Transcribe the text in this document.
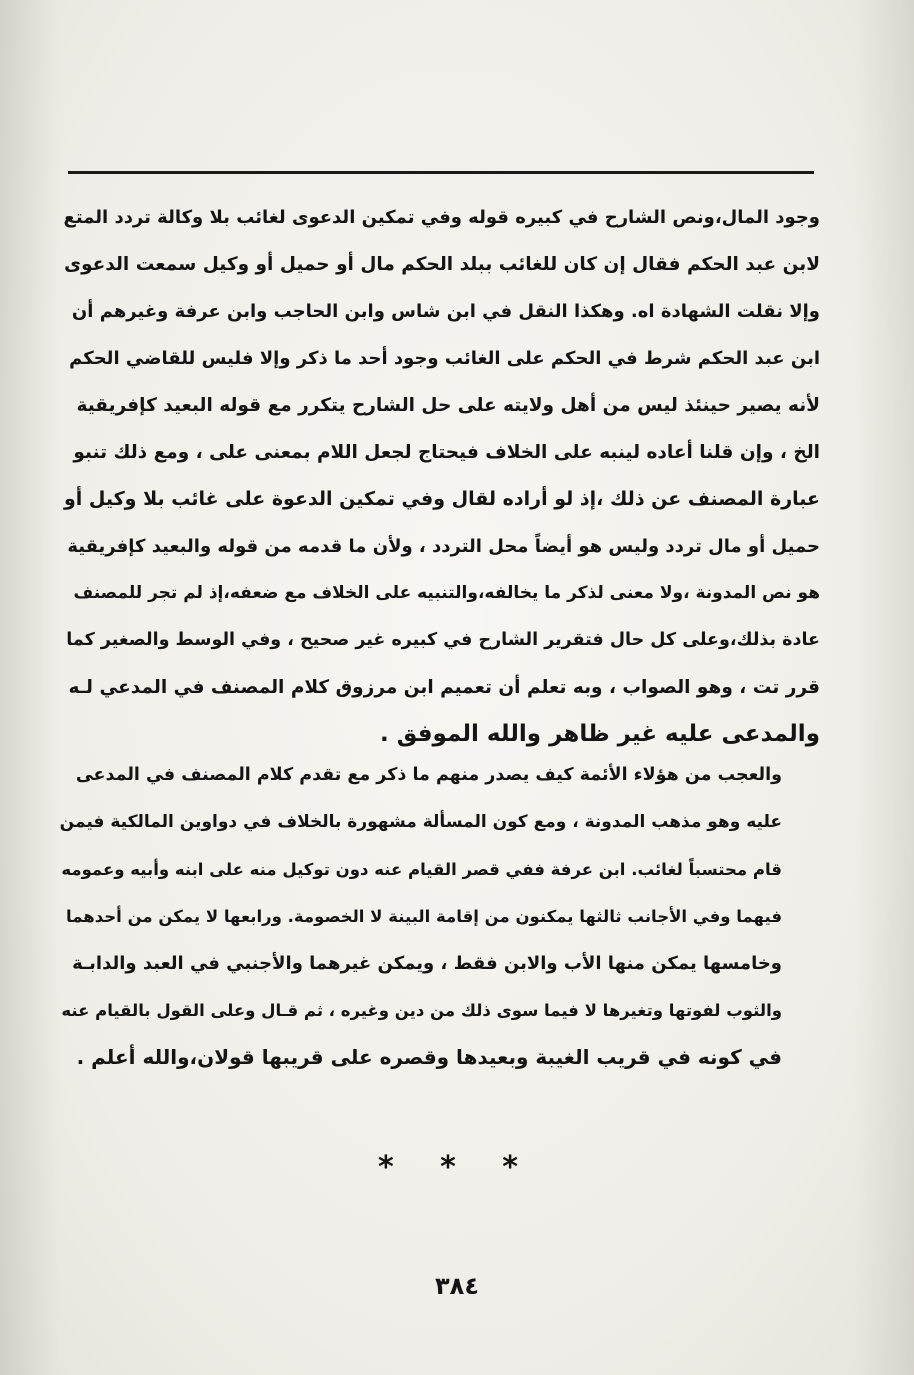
وجود المال،ونص الشارح في كبيره قوله وفي تمكين الدعوى لغائب بلا وكالة تردد المتع
لابن عبد الحكم فقال إن كان للغائب ببلد الحكم مال أو حميل أو وكيل سمعت الدعوى
وإلا نقلت الشهادة اه. وهكذا النقل في ابن شاس وابن الحاجب وابن عرفة وغيرهم أن
ابن عبد الحكم شرط في الحكم على الغائب وجود أحد ما ذكر وإلا فليس للقاضي الحكم
لأنه يصير حينئذ ليس من أهل ولايته على حل الشارح يتكرر مع قوله البعيد كإفريقية
الخ ، وإن قلنا أعاده لينبه على الخلاف فيحتاج لجعل اللام بمعنى على ، ومع ذلك تنبو
عبارة المصنف عن ذلك ،إذ لو أراده لقال وفي تمكين الدعوة على غائب بلا وكيل أو
حميل أو مال تردد وليس هو أيضاً محل التردد ، ولأن ما قدمه من قوله والبعيد كإفريقية
هو نص المدونة ،ولا معنى لذكر ما يخالفه،والتنبيه على الخلاف مع ضعفه،إذ لم تجر للمصنف
عادة بذلك،وعلى كل حال فتقرير الشارح في كبيره غير صحيح ، وفي الوسط والصغير كما
قرر تت ، وهو الصواب ، وبه تعلم أن تعميم ابن مرزوق كلام المصنف في المدعي لـه
والمدعى عليه غير ظاهر والله الموفق .
والعجب من هؤلاء الأئمة كيف يصدر منهم ما ذكر مع تقدم كلام المصنف في المدعى
عليه وهو مذهب المدونة ، ومع كون المسألة مشهورة بالخلاف في دواوين المالكية فيمن
قام محتسباً لغائب. ابن عرفة ففي قصر القيام عنه دون توكيل منه على ابنه وأبيه وعمومه
فيهما وفي الأجانب ثالثها يمكنون من إقامة البينة لا الخصومة. ورابعها لا يمكن من أحدهما
وخامسها يمكن منها الأب والابن فقط ، ويمكن غيرهما والأجنبي في العبد والدابـة
والثوب لفوتها وتغيرها لا فيما سوى ذلك من دين وغيره ، ثم قـال وعلى القول بالقيام عنه
في كونه في قريب الغيبة وبعيدها وقصره على قريبها قولان،والله أعلم .
* * *
٣٨٤
